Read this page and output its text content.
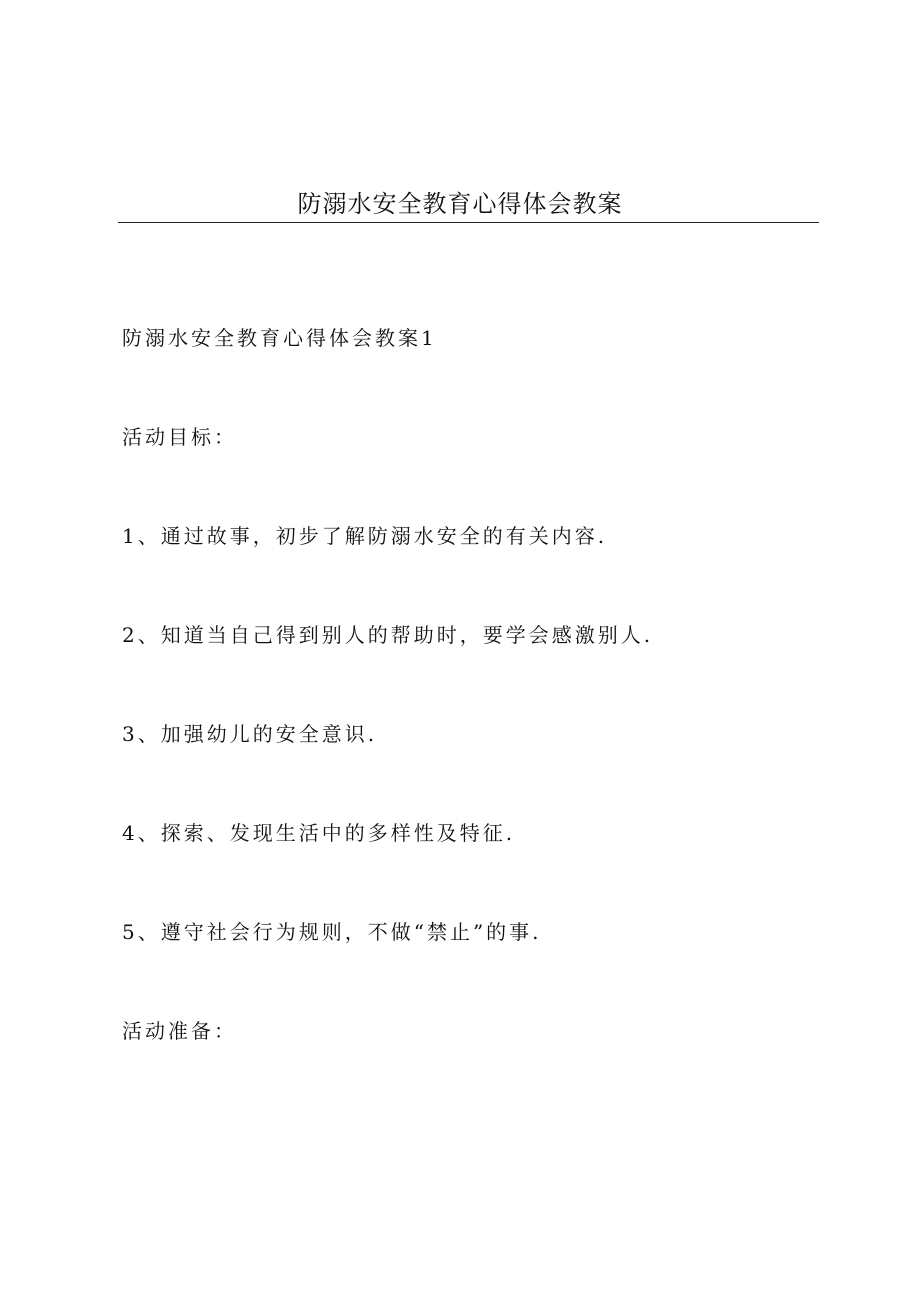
防溺水安全教育心得体会教案
防溺水安全教育心得体会教案1
活动目标：
1、通过故事，初步了解防溺水安全的有关内容.
2、知道当自己得到别人的帮助时，要学会感激别人.
3、加强幼儿的安全意识.
4、探索、发现生活中的多样性及特征.
5、遵守社会行为规则，不做“禁止”的事.
活动准备：
